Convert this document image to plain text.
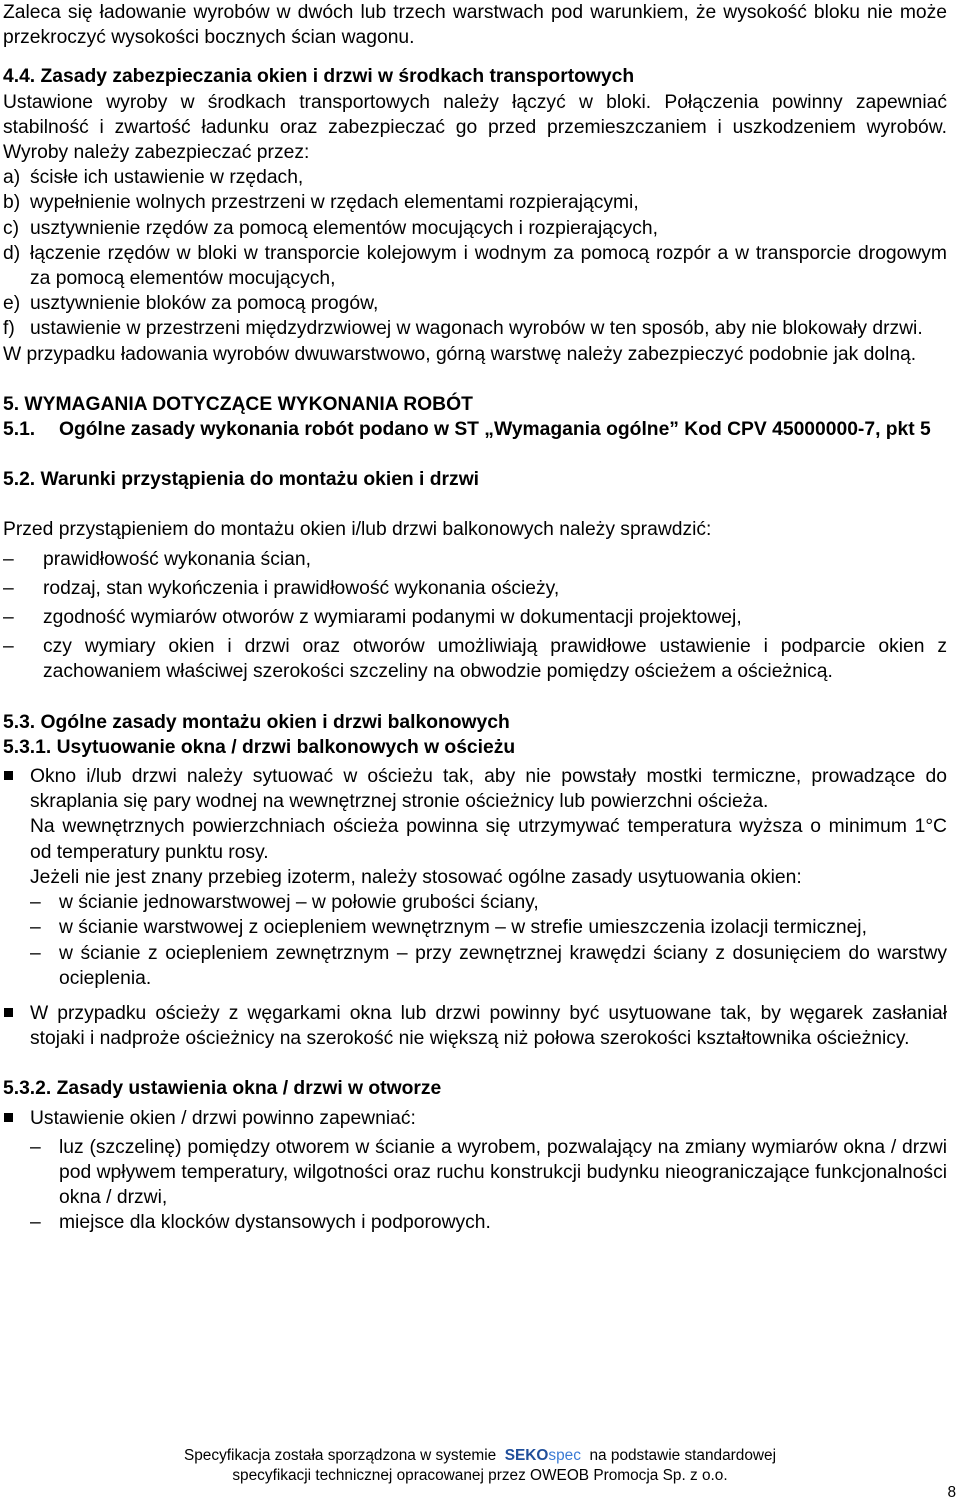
Zaleca się ładowanie wyrobów w dwóch lub trzech warstwach pod warunkiem, że wysokość bloku nie może przekroczyć wysokości bocznych ścian wagonu.

4.4. Zasady zabezpieczania okien i drzwi w środkach transportowych

Ustawione wyroby w środkach transportowych należy łączyć w bloki. Połączenia powinny zapewniać stabilność i zwartość ładunku oraz zabezpieczać go przed przemieszczaniem i uszkodzeniem wyrobów. Wyroby należy zabezpieczać przez:

a) ścisłe ich ustawienie w rzędach,
b) wypełnienie wolnych przestrzeni w rzędach elementami rozpierającymi,
c) usztywnienie rzędów za pomocą elementów mocujących i rozpierających,
d) łączenie rzędów w bloki w transporcie kolejowym i wodnym za pomocą rozpór a w transporcie drogowym za pomocą elementów mocujących,
e) usztywnienie bloków za pomocą progów,
f) ustawienie w przestrzeni międzydrzwiowej w wagonach wyrobów w ten sposób, aby nie blokowały drzwi.

W przypadku ładowania wyrobów dwuwarstwowo, górną warstwę należy zabezpieczyć podobnie jak dolną.

5. WYMAGANIA DOTYCZĄCE WYKONANIA ROBÓT

5.1.	Ogólne zasady wykonania robót podano w ST „Wymagania ogólne” Kod CPV 45000000-7, pkt 5

5.2. Warunki przystąpienia do montażu okien i drzwi

Przed przystąpieniem do montażu okien i/lub drzwi balkonowych należy sprawdzić:

–	prawidłowość wykonania ścian,
–	rodzaj, stan wykończenia i prawidłowość wykonania ościeży,
–	zgodność wymiarów otworów z wymiarami podanymi w dokumentacji projektowej,
–	czy wymiary okien i drzwi oraz otworów umożliwiają prawidłowe ustawienie i podparcie okien z zachowaniem właściwej szerokości szczeliny na obwodzie pomiędzy ościeżem a ościeżnicą.

5.3. Ogólne zasady montażu okien i drzwi balkonowych

5.3.1. Usytuowanie okna / drzwi balkonowych w ościeżu

Okno i/lub drzwi należy sytuować w ościeżu tak, aby nie powstały mostki termiczne, prowadzące do skraplania się pary wodnej na wewnętrznej stronie ościeżnicy lub powierzchni ościeża.

Na wewnętrznych powierzchniach ościeża powinna się utrzymywać temperatura wyższa o minimum 1°C od temperatury punktu rosy.

Jeżeli nie jest znany przebieg izoterm, należy stosować ogólne zasady usytuowania okien:

– w ścianie jednowarstwowej – w połowie grubości ściany,
– w ścianie warstwowej z ociepleniem wewnętrznym – w strefie umieszczenia izolacji termicznej,
– w ścianie z ociepleniem zewnętrznym – przy zewnętrznej krawędzi ściany z dosunięciem do warstwy ocieplenia.

W przypadku ościeży z węgarkami okna lub drzwi powinny być usytuowane tak, by węgarek zasłaniał stojaki i nadproże ościeżnicy na szerokość nie większą niż połowa szerokości kształtownika ościeżnicy.

5.3.2. Zasady ustawienia okna / drzwi w otworze

Ustawienie okien / drzwi powinno zapewniać:

– luz (szczelinę) pomiędzy otworem w ścianie a wyrobem, pozwalający na zmiany wymiarów okna / drzwi pod wpływem temperatury, wilgotności oraz ruchu konstrukcji budynku nieograniczające funkcjonalności okna / drzwi,
– miejsce dla klocków dystansowych i podporowych.
Specyfikacja została sporządzona w systemie SEKOspec na podstawie standardowej
specyfikacji technicznej opracowanej przez OWEOB Promocja Sp. z o.o.
8
